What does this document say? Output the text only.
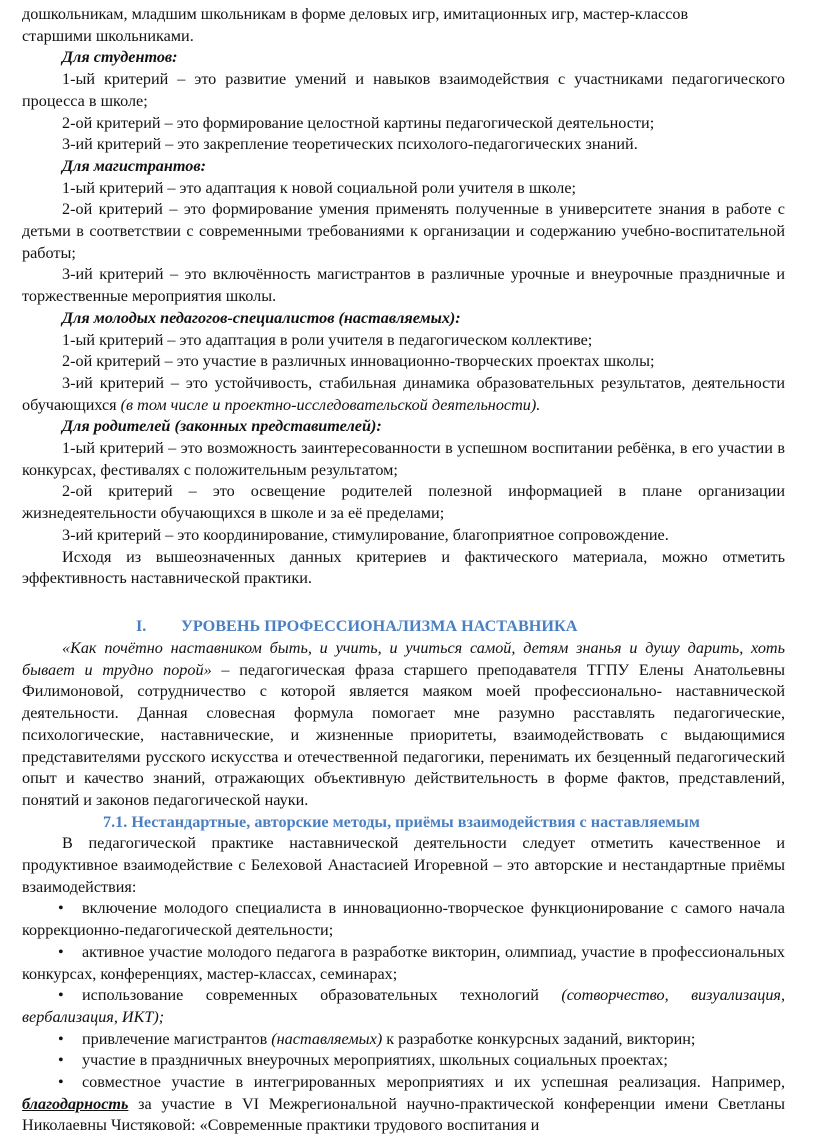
дошкольникам, младшим школьникам в форме деловых игр, имитационных игр, мастер-классов

старшими школьниками.

Для студентов:

1-ый критерий – это развитие умений и навыков взаимодействия с участниками педагогического процесса в школе;

2-ой критерий – это формирование целостной картины педагогической деятельности;

3-ий критерий – это закрепление теоретических психолого-педагогических знаний.

Для магистрантов:

1-ый критерий – это адаптация к новой социальной роли учителя в школе;

2-ой критерий – это формирование умения применять полученные в университете знания в работе с детьми в соответствии с современными требованиями к организации и содержанию учебно-воспитательной работы;

3-ий критерий – это включённость магистрантов в различные урочные и внеурочные праздничные и торжественные мероприятия школы.

Для молодых педагогов-специалистов (наставляемых):

1-ый критерий – это адаптация в роли учителя в педагогическом коллективе;

2-ой критерий – это участие в различных инновационно-творческих проектах школы;

3-ий критерий – это устойчивость, стабильная динамика образовательных результатов, деятельности обучающихся (в том числе и проектно-исследовательской деятельности).

Для родителей (законных представителей):

1-ый критерий – это возможность заинтересованности в успешном воспитании ребёнка, в его участии в конкурсах, фестивалях с положительным результатом;

2-ой критерий – это освещение родителей полезной информацией в плане организации жизнедеятельности обучающихся в школе и за её пределами;

3-ий критерий – это координирование, стимулирование, благоприятное сопровождение.

Исходя из вышеозначенных данных критериев и фактического материала, можно отметить эффективность наставнической практики.

I. УРОВЕНЬ ПРОФЕССИОНАЛИЗМА НАСТАВНИКА

«Как почётно наставником быть, и учить, и учиться самой, детям знанья и душу дарить, хоть бывает и трудно порой» – педагогическая фраза старшего преподавателя ТГПУ Елены Анатольевны Филимоновой, сотрудничество с которой является маяком моей профессионально- наставнической деятельности. Данная словесная формула помогает мне разумно расставлять педагогические, психологические, наставнические, и жизненные приоритеты, взаимодействовать с выдающимися представителями русского искусства и отечественной педагогики, перенимать их безценный педагогический опыт и качество знаний, отражающих объективную действительность в форме фактов, представлений, понятий и законов педагогической науки.

7.1. Нестандартные, авторские методы, приёмы взаимодействия с наставляемым

В педагогической практике наставнической деятельности следует отметить качественное и продуктивное взаимодействие с Белеховой Анастасией Игоревной – это авторские и нестандартные приёмы взаимодействия:

• включение молодого специалиста в инновационно-творческое функционирование с самого начала коррекционно-педагогической деятельности;

• активное участие молодого педагога в разработке викторин, олимпиад, участие в профессиональных конкурсах, конференциях, мастер-классах, семинарах;

• использование современных образовательных технологий (сотворчество, визуализация, вербализация, ИКТ);

• привлечение магистрантов (наставляемых) к разработке конкурсных заданий, викторин;

• участие в праздничных внеурочных мероприятиях, школьных социальных проектах;

• совместное участие в интегрированных мероприятиях и их успешная реализация. Например, благодарность за участие в VI Межрегиональной научно-практической конференции имени Светланы Николаевны Чистяковой: «Современные практики трудового воспитания и
